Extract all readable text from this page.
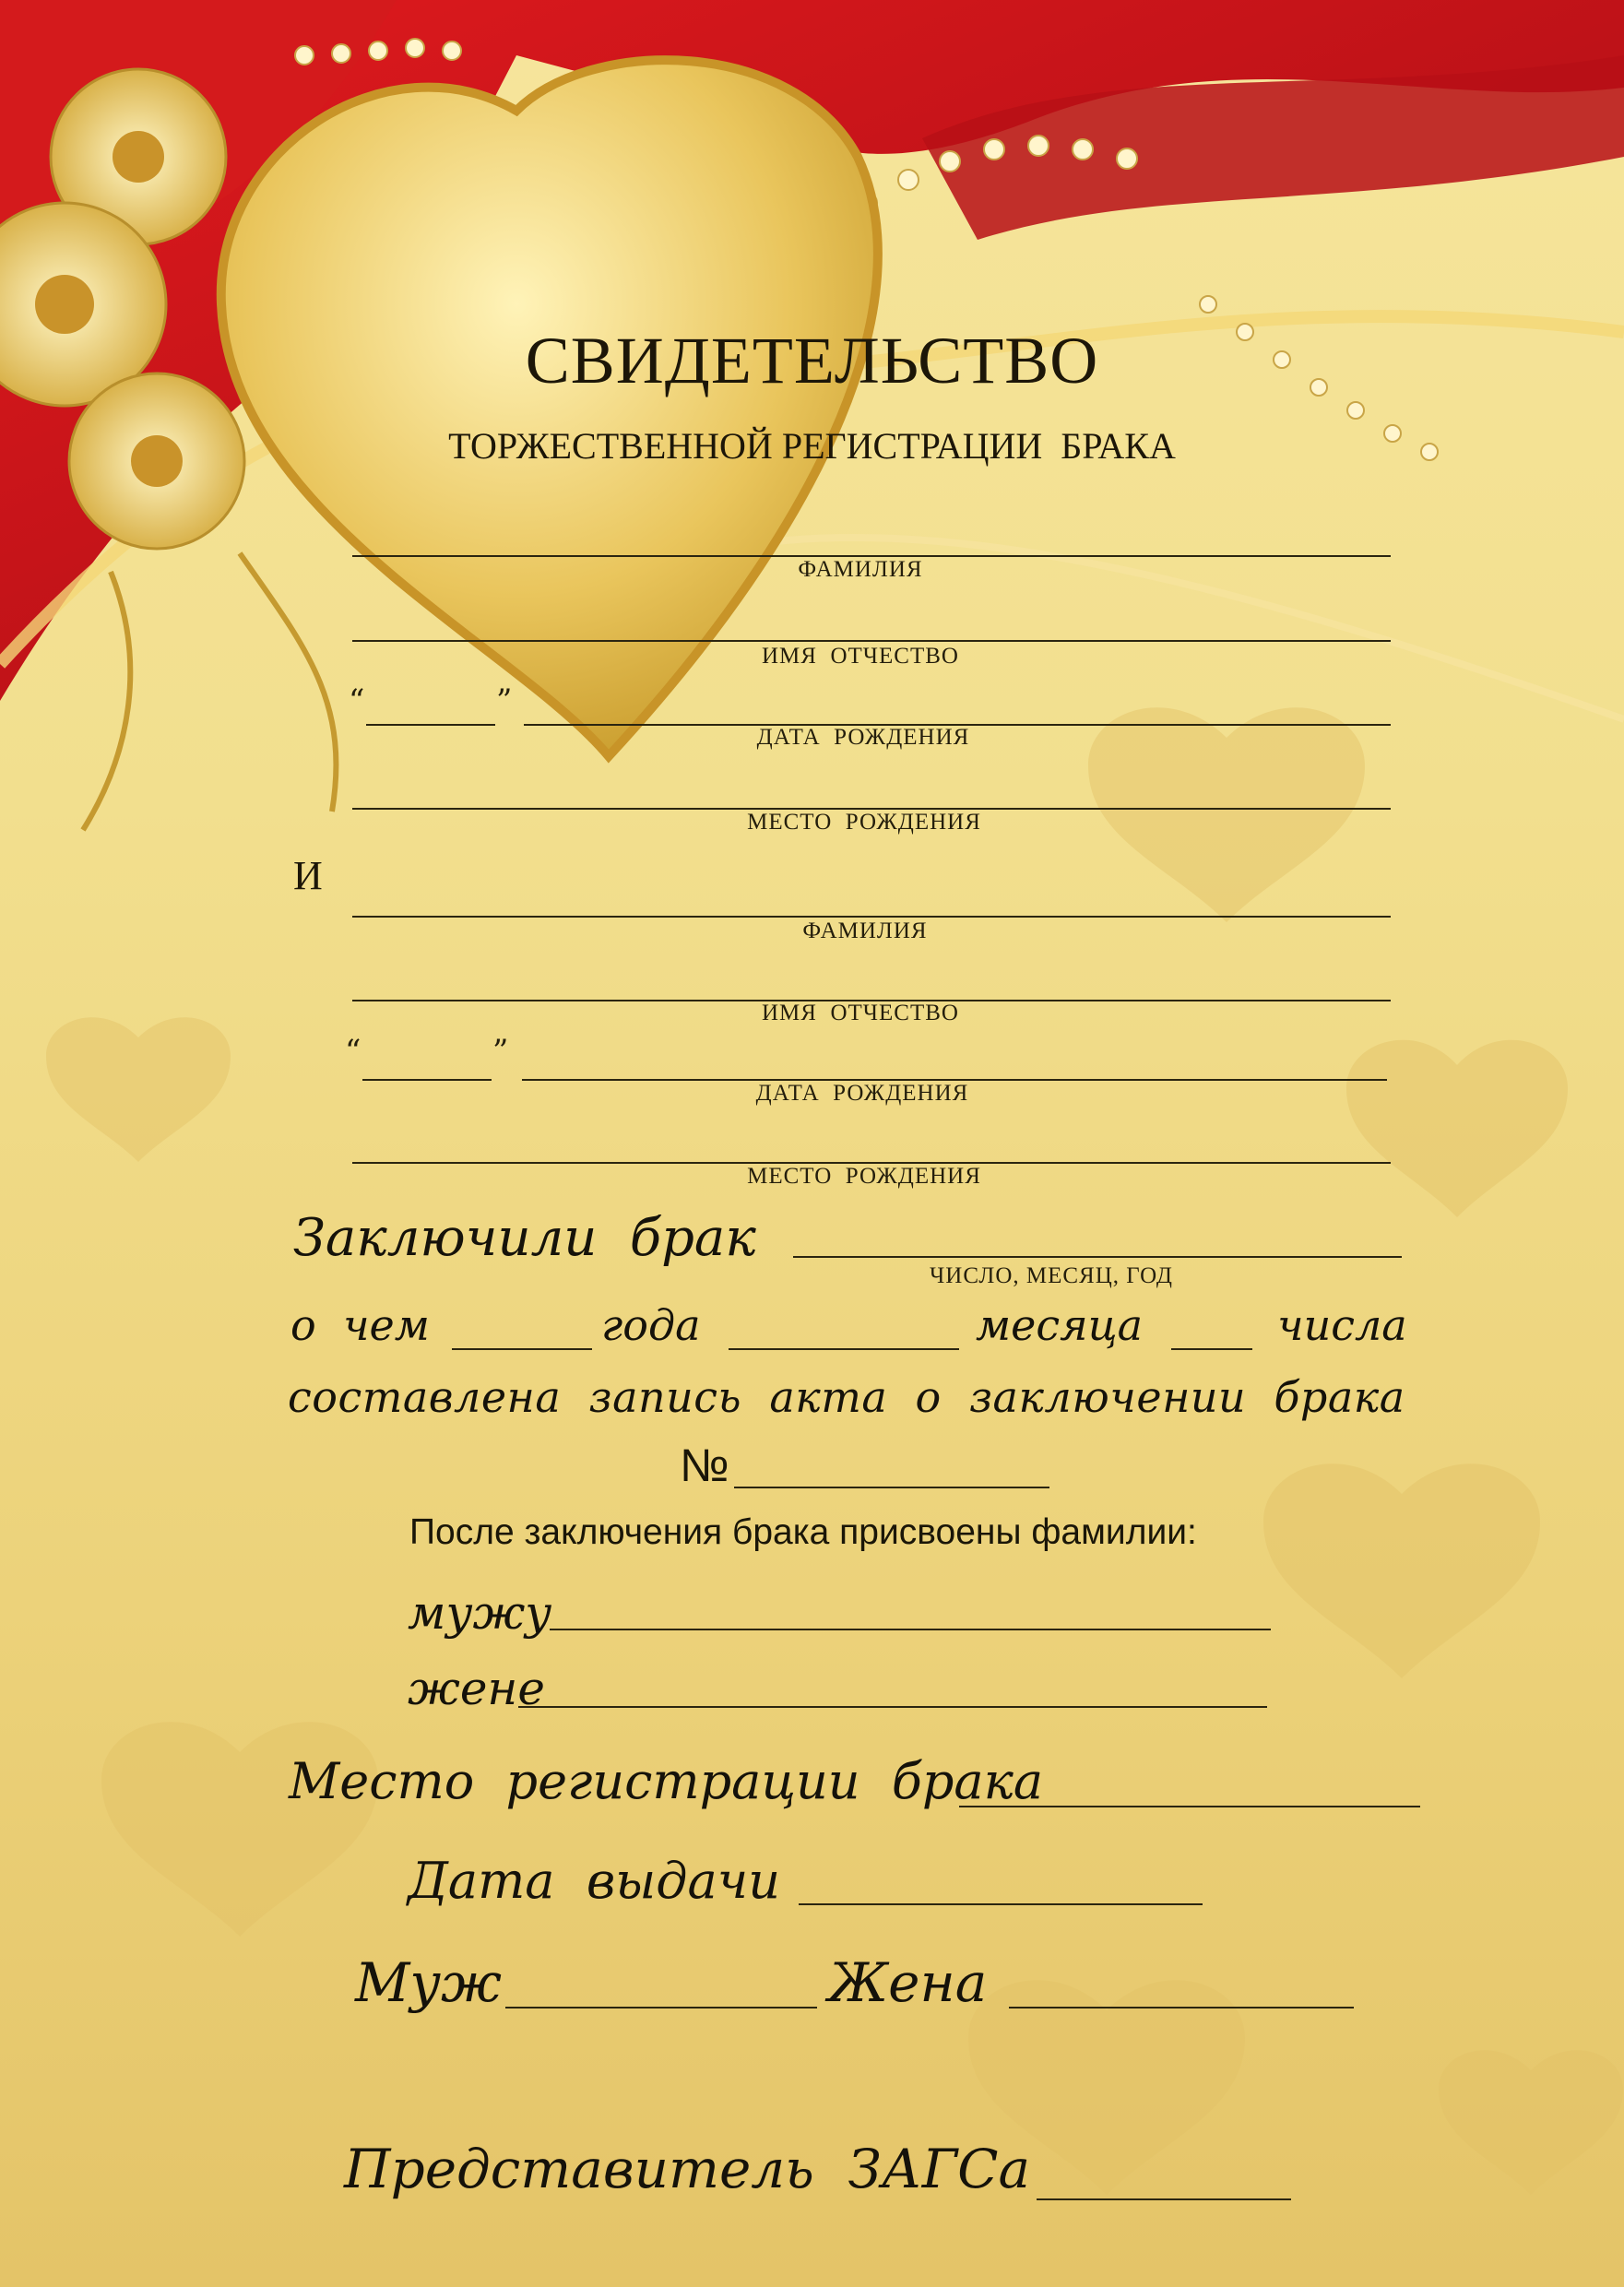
СВИДЕТЕЛЬСТВО
ТОРЖЕСТВЕННОЙ РЕГИСТРАЦИИ  БРАКА
ФАМИЛИЯ
ИМЯ  ОТЧЕСТВО
“	”
ДАТА  РОЖДЕНИЯ
МЕСТО  РОЖДЕНИЯ
И
ФАМИЛИЯ
ИМЯ  ОТЧЕСТВО
“	”
ДАТА  РОЖДЕНИЯ
МЕСТО  РОЖДЕНИЯ
Заключили  брак
ЧИСЛО, МЕСЯЦ, ГОД
о  чем	года	месяца	числа
составлена  запись  акта  о  заключении  брака
№
После заключения брака присвоены фамилии:
мужу
жене
Место  регистрации  брака
Дата  выдачи
Муж	Жена
Представитель  ЗАГСа
